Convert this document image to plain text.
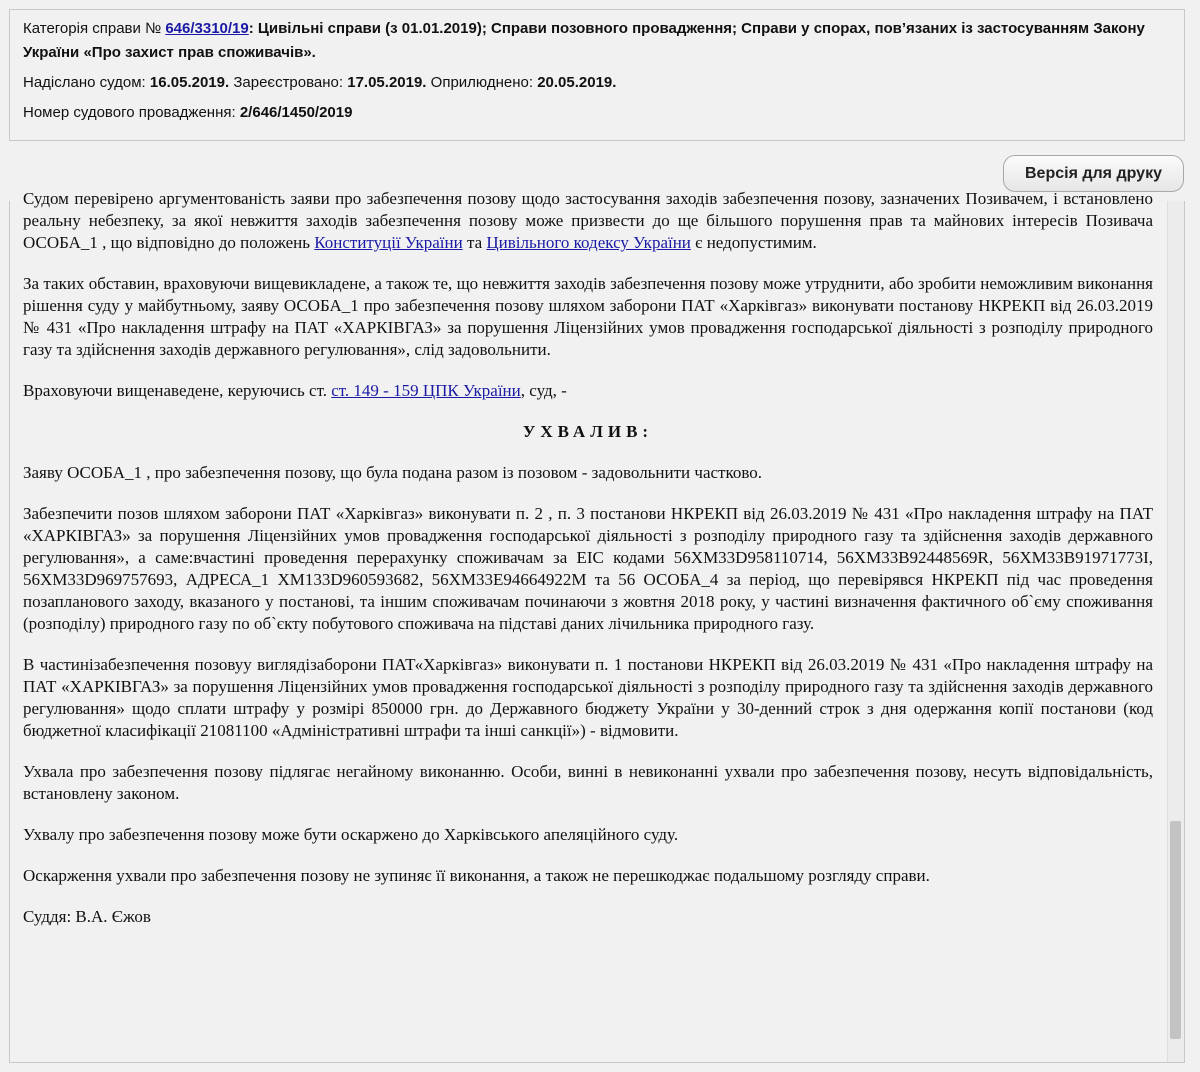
Категорія справи № 646/3310/19: Цивільні справи (з 01.01.2019); Справи позовного провадження; Справи у спорах, пов’язаних із застосуванням Закону України «Про захист прав споживачів».

Надіслано судом: 16.05.2019. Зареєстровано: 17.05.2019. Оприлюднено: 20.05.2019.

Номер судового провадження: 2/646/1450/2019

Версія для друку

Судом перевірено аргументованість заяви про забезпечення позову щодо застосування заходів забезпечення позову, зазначених Позивачем, і встановлено реальну небезпеку, за якої невжиття заходів забезпечення позову може призвести до ще більшого порушення прав та майнових інтересів Позивача ОСОБА_1 , що відповідно до положень Конституції України та Цивільного кодексу України є недопустимим.

За таких обставин, враховуючи вищевикладене, а також те, що невжиття заходів забезпечення позову може утруднити, або зробити неможливим виконання рішення суду у майбутньому, заяву ОСОБА_1 про забезпечення позову шляхом заборони ПАТ «Харківгаз» виконувати постанову НКРЕКП від 26.03.2019 № 431 «Про накладення штрафу на ПАТ «ХАРКІВГАЗ» за порушення Ліцензійних умов провадження господарської діяльності з розподілу природного газу та здійснення заходів державного регулювання», слід задовольнити.

Враховуючи вищенаведене, керуючись ст. ст. 149 - 159 ЦПК України, суд, -

УХВАЛИВ:

Заяву ОСОБА_1 , про забезпечення позову, що була подана разом із позовом - задовольнити частково.

Забезпечити позов шляхом заборони ПАТ «Харківгаз» виконувати п. 2 , п. 3 постанови НКРЕКП від 26.03.2019 № 431 «Про накладення штрафу на ПАТ «ХАРКІВГАЗ» за порушення Ліцензійних умов провадження господарської діяльності з розподілу природного газу та здійснення заходів державного регулювання», а саме:вчастині проведення перерахунку споживачам за ЕІС кодами 56ХМ33D958110714, 56ХМ33В92448569R, 56ХМ33В91971773І, 56ХМ33D969757693, АДРЕСА_1 ХМ133D960593682, 56ХМ33Е94664922М та 56 ОСОБА_4 за період, що перевірявся НКРЕКП під час проведення позапланового заходу, вказаного у постанові, та іншим споживачам починаючи з жовтня 2018 року, у частині визначення фактичного об`єму споживання (розподілу) природного газу по об`єкту побутового споживача на підставі даних лічильника природного газу.

В частинізабезпечення позовуу виглядізаборони ПАТ«Харківгаз» виконувати п. 1 постанови НКРЕКП від 26.03.2019 № 431 «Про накладення штрафу на ПАТ «ХАРКІВГАЗ» за порушення Ліцензійних умов провадження господарської діяльності з розподілу природного газу та здійснення заходів державного регулювання» щодо сплати штрафу у розмірі 850000 грн. до Державного бюджету України у 30-денний строк з дня одержання копії постанови (код бюджетної класифікації 21081100 «Адміністративні штрафи та інші санкції») - відмовити.

Ухвала про забезпечення позову підлягає негайному виконанню. Особи, винні в невиконанні ухвали про забезпечення позову, несуть відповідальність, встановлену законом.

Ухвалу про забезпечення позову може бути оскаржено до Харківського апеляційного суду.

Оскарження ухвали про забезпечення позову не зупиняє її виконання, а також не перешкоджає подальшому розгляду справи.

Суддя: В.А. Єжов
